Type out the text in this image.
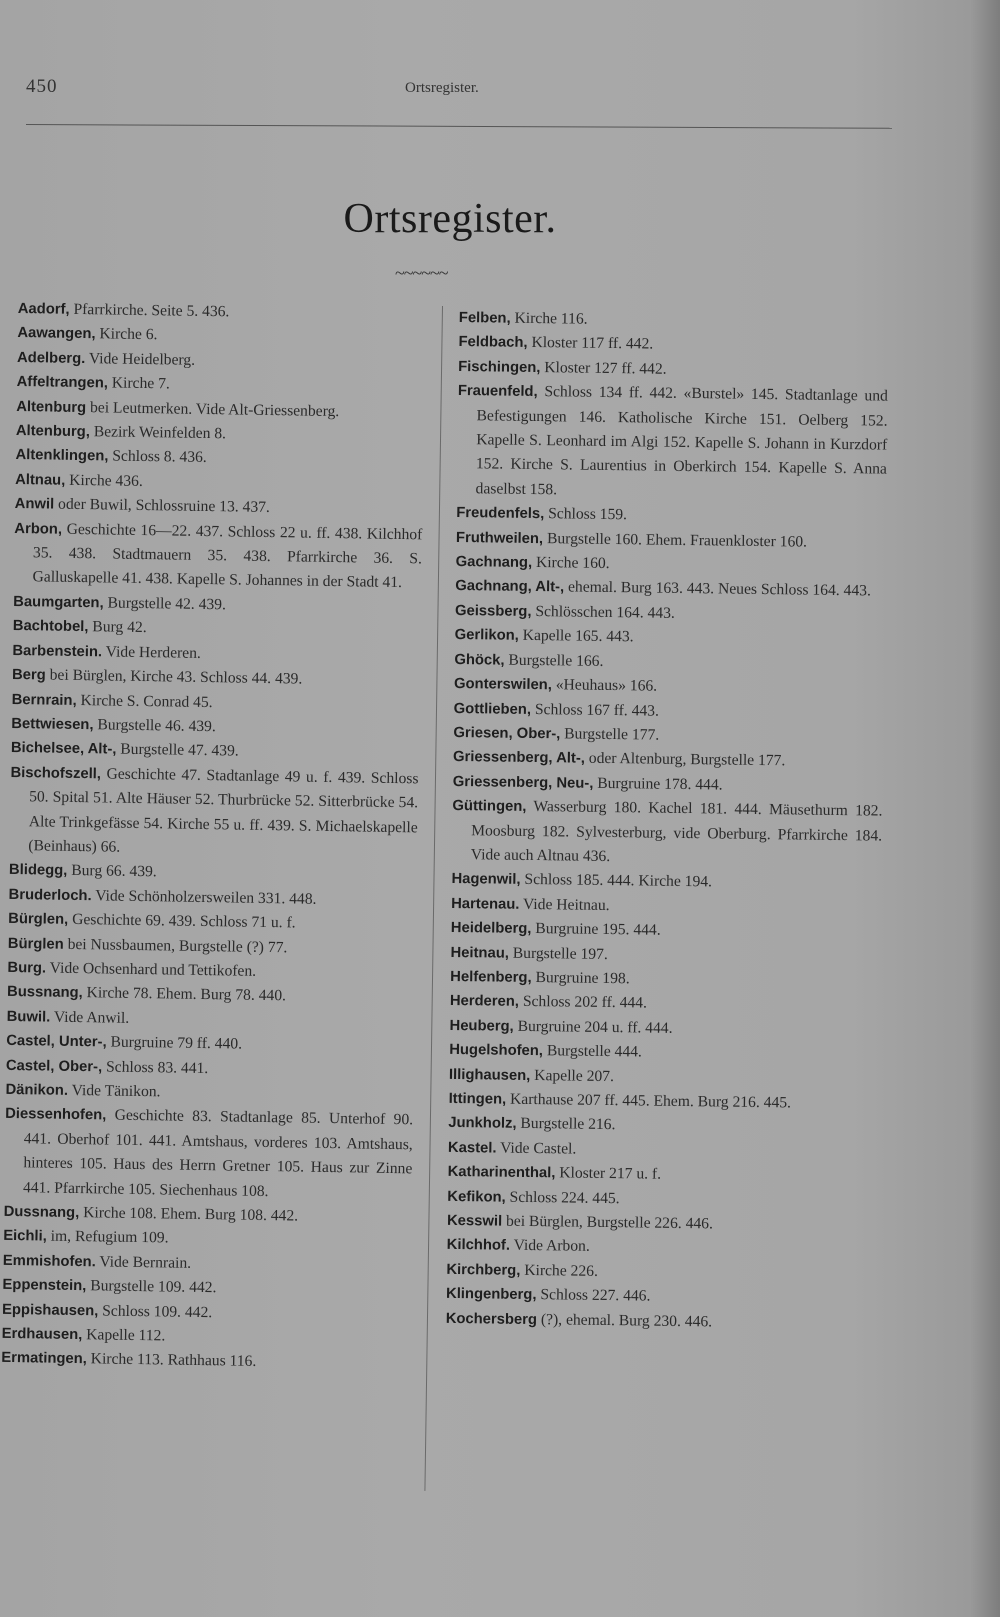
450	Ortsregister.
Ortsregister.
~~~~~~

Aadorf, Pfarrkirche. Seite 5. 436.

Aawangen, Kirche 6.

Adelberg. Vide Heidelberg.

Affeltrangen, Kirche 7.

Altenburg bei Leutmerken. Vide Alt-Griessenberg.

Altenburg, Bezirk Weinfelden 8.

Altenklingen, Schloss 8. 436.

Altnau, Kirche 436.

Anwil oder Buwil, Schlossruine 13. 437.

Arbon, Geschichte 16—22. 437. Schloss 22 u. ff. 438. Kilchhof 35. 438. Stadtmauern 35. 438. Pfarrkirche 36. S. Galluskapelle 41. 438. Kapelle S. Johannes in der Stadt 41.

Baumgarten, Burgstelle 42. 439.

Bachtobel, Burg 42.

Barbenstein. Vide Herderen.

Berg bei Bürglen, Kirche 43. Schloss 44. 439.

Bernrain, Kirche S. Conrad 45.

Bettwiesen, Burgstelle 46. 439.

Bichelsee, Alt-, Burgstelle 47. 439.

Bischofszell, Geschichte 47. Stadtanlage 49 u. f. 439. Schloss 50. Spital 51. Alte Häuser 52. Thurbrücke 52. Sitterbrücke 54. Alte Trinkgefässe 54. Kirche 55 u. ff. 439. S. Michaelskapelle (Beinhaus) 66.

Blidegg, Burg 66. 439.

Bruderloch. Vide Schönholzersweilen 331. 448.

Bürglen, Geschichte 69. 439. Schloss 71 u. f.

Bürglen bei Nussbaumen, Burgstelle (?) 77.

Burg. Vide Ochsenhard und Tettikofen.

Bussnang, Kirche 78. Ehem. Burg 78. 440.

Buwil. Vide Anwil.

Castel, Unter-, Burgruine 79 ff. 440.

Castel, Ober-, Schloss 83. 441.

Dänikon. Vide Tänikon.

Diessenhofen, Geschichte 83. Stadtanlage 85. Unterhof 90. 441. Oberhof 101. 441. Amtshaus, vorderes 103. Amtshaus, hinteres 105. Haus des Herrn Gretner 105. Haus zur Zinne 441. Pfarrkirche 105. Siechenhaus 108.

Dussnang, Kirche 108. Ehem. Burg 108. 442.

Eichli, im, Refugium 109.

Emmishofen. Vide Bernrain.

Eppenstein, Burgstelle 109. 442.

Eppishausen, Schloss 109. 442.

Erdhausen, Kapelle 112.

Ermatingen, Kirche 113. Rathhaus 116.

Felben, Kirche 116.

Feldbach, Kloster 117 ff. 442.

Fischingen, Kloster 127 ff. 442.

Frauenfeld, Schloss 134 ff. 442. «Burstel» 145. Stadtanlage und Befestigungen 146. Katholische Kirche 151. Oelberg 152. Kapelle S. Leonhard im Algi 152. Kapelle S. Johann in Kurzdorf 152. Kirche S. Laurentius in Oberkirch 154. Kapelle S. Anna daselbst 158.

Freudenfels, Schloss 159.

Fruthweilen, Burgstelle 160. Ehem. Frauenkloster 160.

Gachnang, Kirche 160.

Gachnang, Alt-, ehemal. Burg 163. 443. Neues Schloss 164. 443.

Geissberg, Schlösschen 164. 443.

Gerlikon, Kapelle 165. 443.

Ghöck, Burgstelle 166.

Gonterswilen, «Heuhaus» 166.

Gottlieben, Schloss 167 ff. 443.

Griesen, Ober-, Burgstelle 177.

Griessenberg, Alt-, oder Altenburg, Burgstelle 177.

Griessenberg, Neu-, Burgruine 178. 444.

Güttingen, Wasserburg 180. Kachel 181. 444. Mäusethurm 182. Moosburg 182. Sylvesterburg, vide Oberburg. Pfarrkirche 184. Vide auch Altnau 436.

Hagenwil, Schloss 185. 444. Kirche 194.

Hartenau. Vide Heitnau.

Heidelberg, Burgruine 195. 444.

Heitnau, Burgstelle 197.

Helfenberg, Burgruine 198.

Herderen, Schloss 202 ff. 444.

Heuberg, Burgruine 204 u. ff. 444.

Hugelshofen, Burgstelle 444.

Illighausen, Kapelle 207.

Ittingen, Karthause 207 ff. 445. Ehem. Burg 216. 445.

Junkholz, Burgstelle 216.

Kastel. Vide Castel.

Katharinenthal, Kloster 217 u. f.

Kefikon, Schloss 224. 445.

Kesswil bei Bürglen, Burgstelle 226. 446.

Kilchhof. Vide Arbon.

Kirchberg, Kirche 226.

Klingenberg, Schloss 227. 446.

Kochersberg (?), ehemal. Burg 230. 446.
